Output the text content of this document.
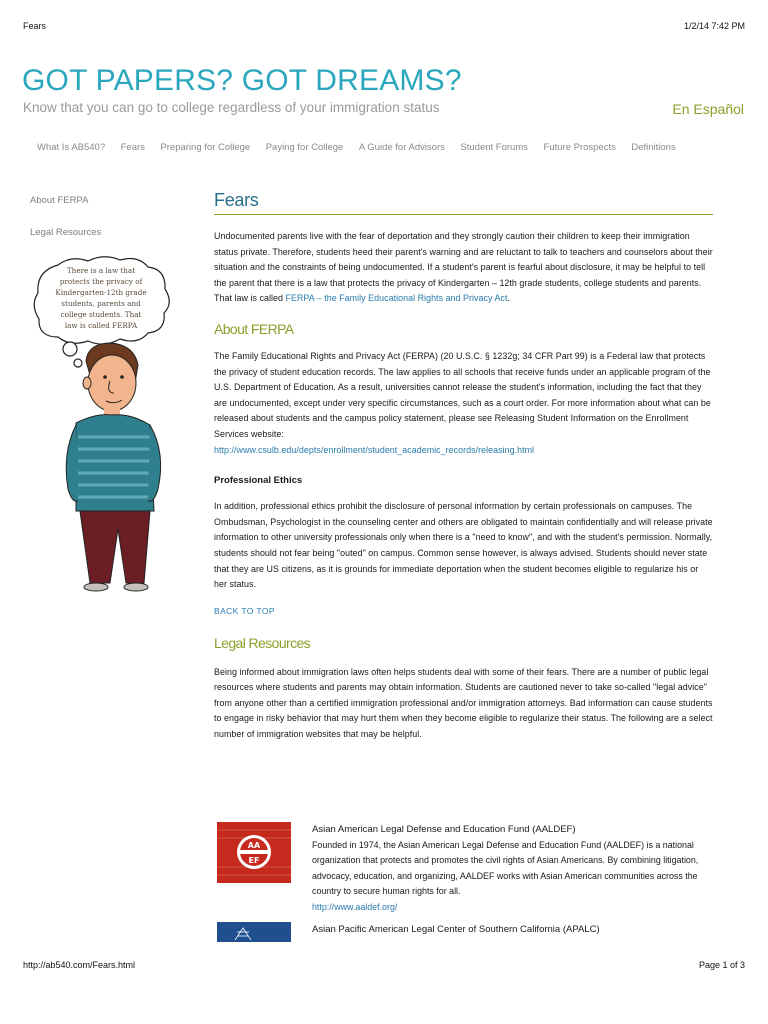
Fears	1/2/14 7:42 PM
GOT PAPERS? GOT DREAMS?
Know that you can go to college regardless of your immigration status	En Español
What Is AB540? Fears Preparing for College Paying for College A Guide for Advisors Student Forums Future Prospects Definitions
About FERPA
Legal Resources
There is a law that
protects the privacy of
Kindergarten-12th grade
students, parents and
college students. That
law is called FERPA
Fears

Undocumented parents live with the fear of deportation and they strongly caution their children to keep their immigration status private. Therefore, students heed their parent's warning and are reluctant to talk to teachers and counselors about their situation and the constraints of being undocumented. If a student's parent is fearful about disclosure, it may be helpful to tell the parent that there is a law that protects the privacy of Kindergarten – 12th grade students, college students and parents. That law is called FERPA – the Family Educational Rights and Privacy Act.

About FERPA

The Family Educational Rights and Privacy Act (FERPA) (20 U.S.C. § 1232g; 34 CFR Part 99) is a Federal law that protects the privacy of student education records. The law applies to all schools that receive funds under an applicable program of the U.S. Department of Education. As a result, universities cannot release the student's information, including the fact that they are undocumented, except under very specific circumstances, such as a court order. For more information about what can be released about students and the campus policy statement, please see Releasing Student Information on the Enrollment Services website:
http://www.csulb.edu/depts/enrollment/student_academic_records/releasing.html

Professional Ethics

In addition, professional ethics prohibit the disclosure of personal information by certain professionals on campuses. The Ombudsman, Psychologist in the counseling center and others are obligated to maintain confidentially and will release private information to other university professionals only when there is a "need to know", and with the student's permission. Normally, students should not fear being "outed" on campus. Common sense however, is always advised. Students should never state that they are US citizens, as it is grounds for immediate deportation when the student becomes eligible to regularize his or her status.

BACK TO TOP
Legal Resources

Being informed about immigration laws often helps students deal with some of their fears. There are a number of public legal resources where students and parents may obtain information. Students are cautioned never to take so-called "legal advice" from anyone other than a certified immigration professional and/or immigration attorneys. Bad information can cause students to engage in risky behavior that may hurt them when they become eligible to regularize their status. The following are a select number of immigration websites that may be helpful.

AA
EF
Asian American Legal Defense and Education Fund (AALDEF)
Founded in 1974, the Asian American Legal Defense and Education Fund (AALDEF) is a national organization that protects and promotes the civil rights of Asian Americans. By combining litigation, advocacy, education, and organizing, AALDEF works with Asian American communities across the country to secure human rights for all.
http://www.aaldef.org/
Asian Pacific American Legal Center of Southern California (APALC)
http://ab540.com/Fears.html	Page 1 of 3
